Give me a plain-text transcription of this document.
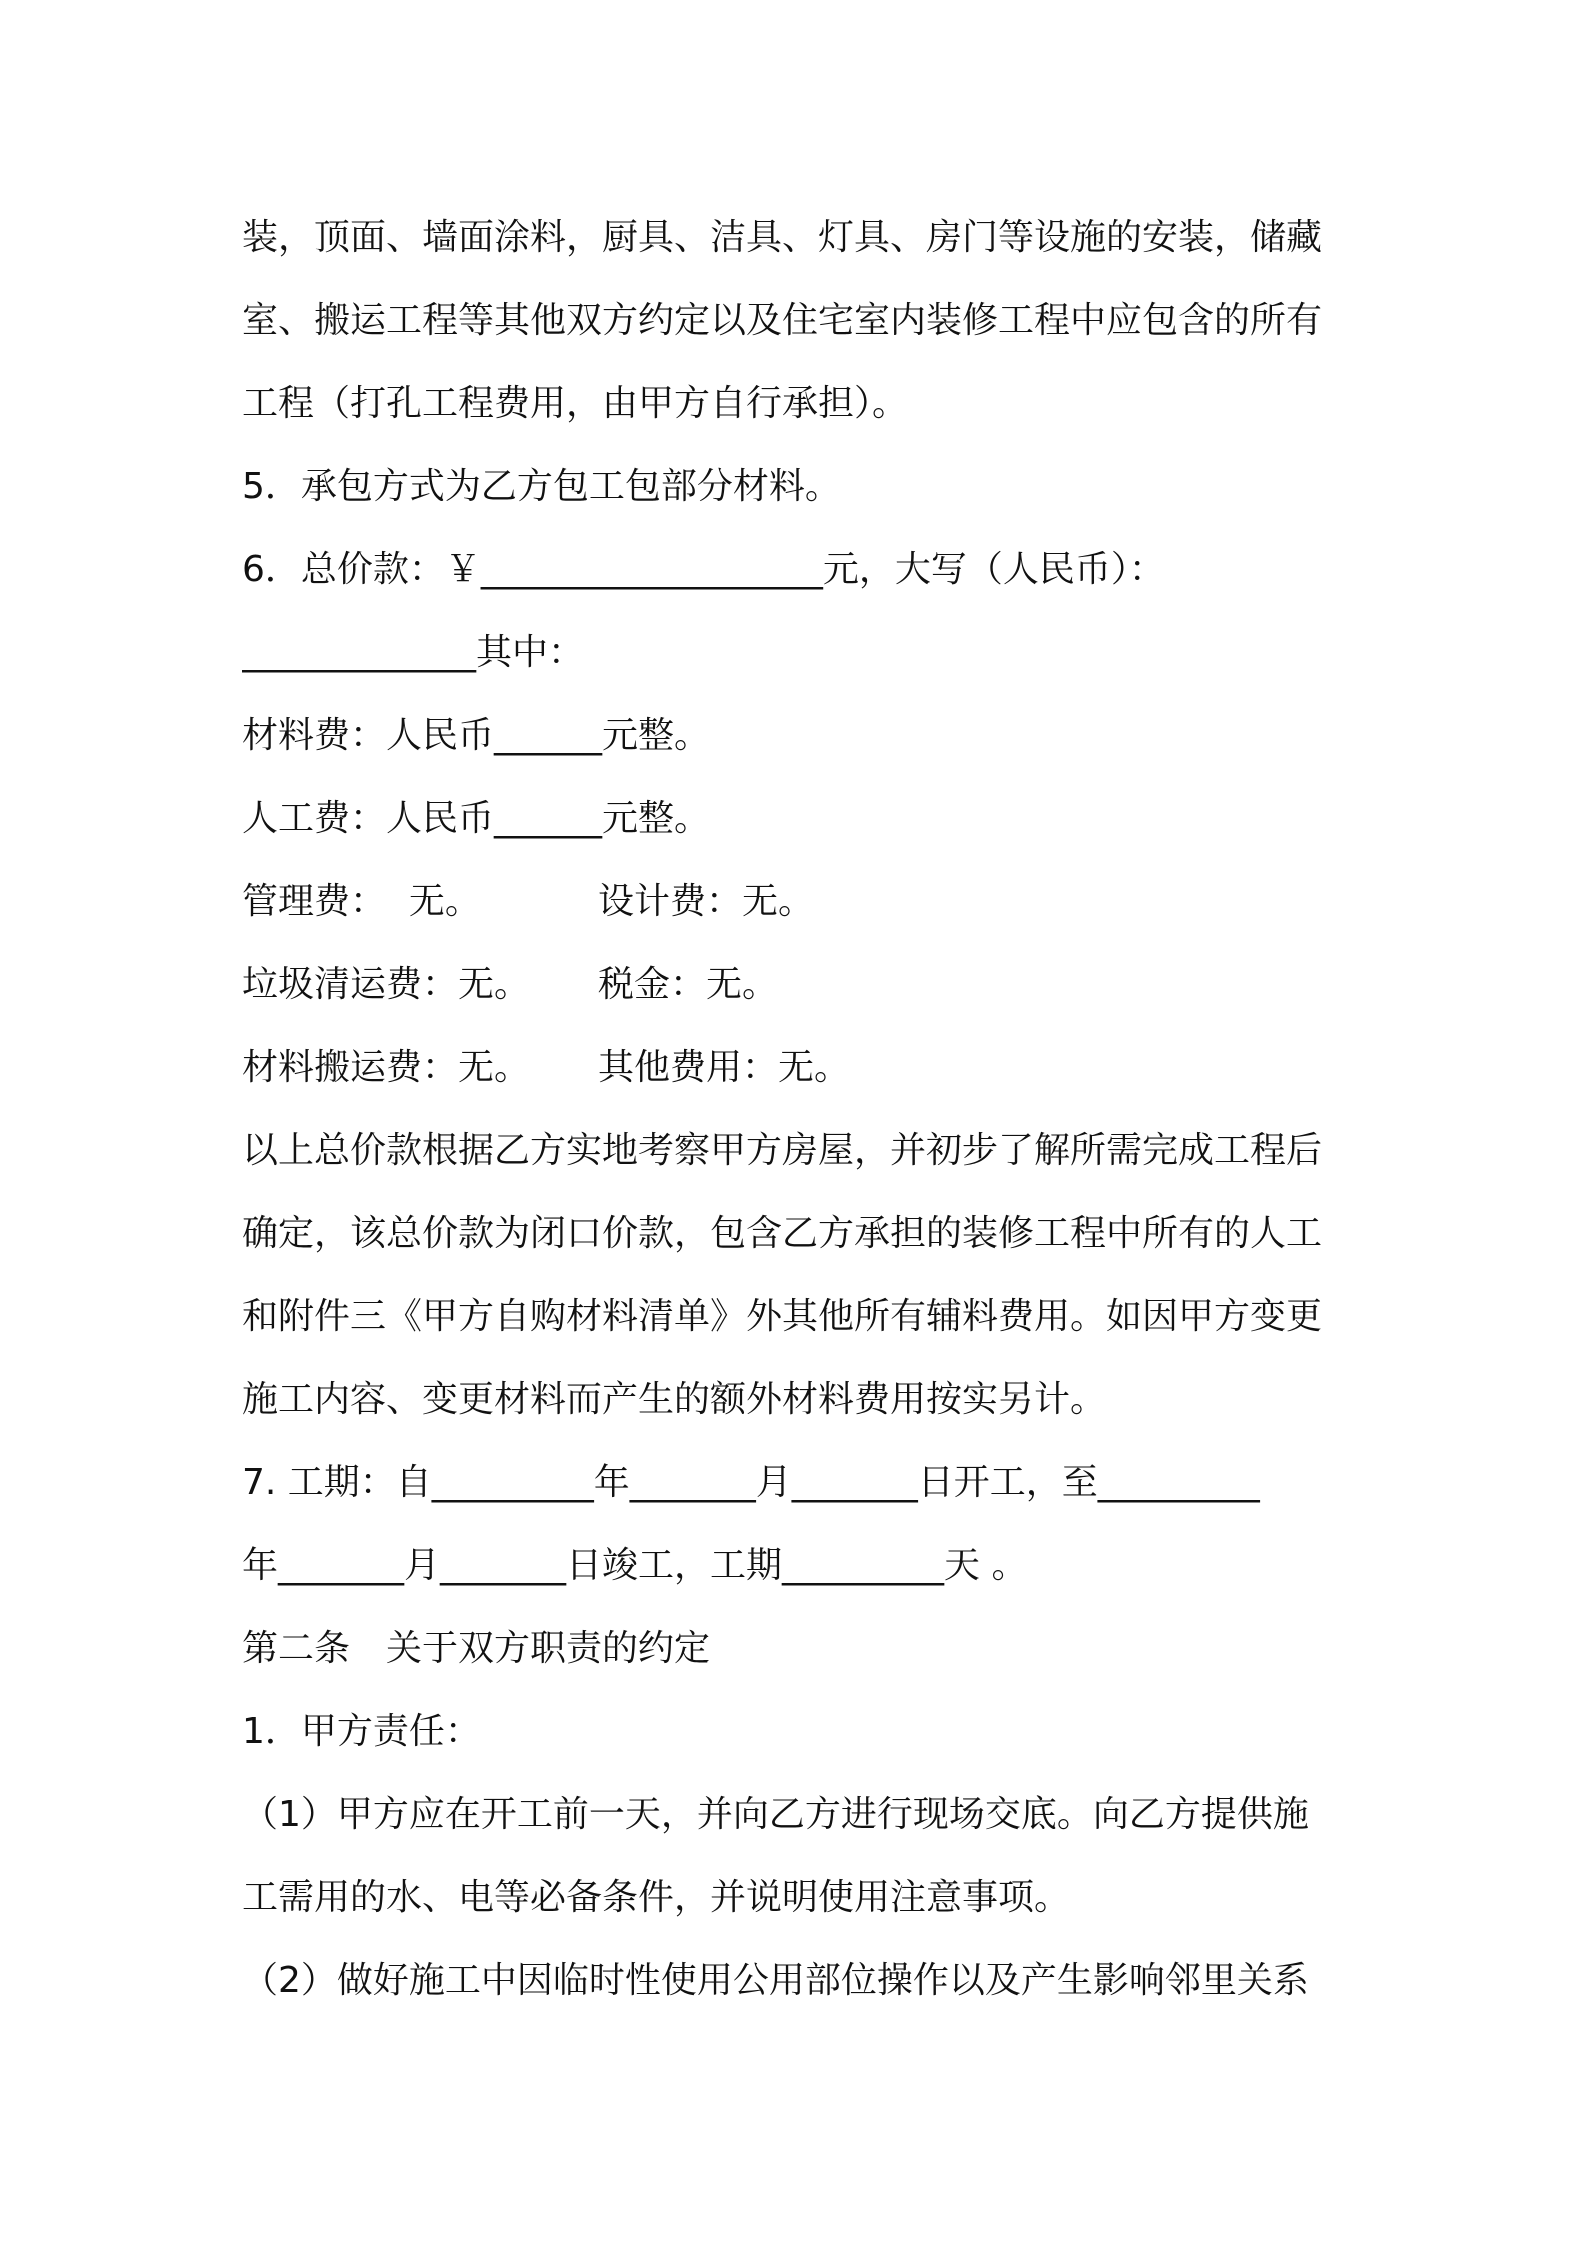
装，顶面、墙面涂料，厨具、洁具、灯具、房门等设施的安装，储藏
室、搬运工程等其他双方约定以及住宅室内装修工程中应包含的所有
工程（打孔工程费用，由甲方自行承担）。
5．承包方式为乙方包工包部分材料。
6．总价款：￥___________________元，大写（人民币）：
_____________其中：
材料费：人民币______元整。
人工费：人民币______元整。
管理费：  无。	设计费：无。
垃圾清运费：无。 税金：无。
材料搬运费：无。 其他费用：无。
以上总价款根据乙方实地考察甲方房屋，并初步了解所需完成工程后
确定，该总价款为闭口价款，包含乙方承担的装修工程中所有的人工
和附件三《甲方自购材料清单》外其他所有辅料费用。如因甲方变更
施工内容、变更材料而产生的额外材料费用按实另计。
7. 工期：自_________年_______月_______日开工，至_________
年_______月_______日竣工，工期_________天 。
第二条　关于双方职责的约定
1．甲方责任：
（1）甲方应在开工前一天，并向乙方进行现场交底。向乙方提供施
工需用的水、电等必备条件，并说明使用注意事项。
（2）做好施工中因临时性使用公用部位操作以及产生影响邻里关系
